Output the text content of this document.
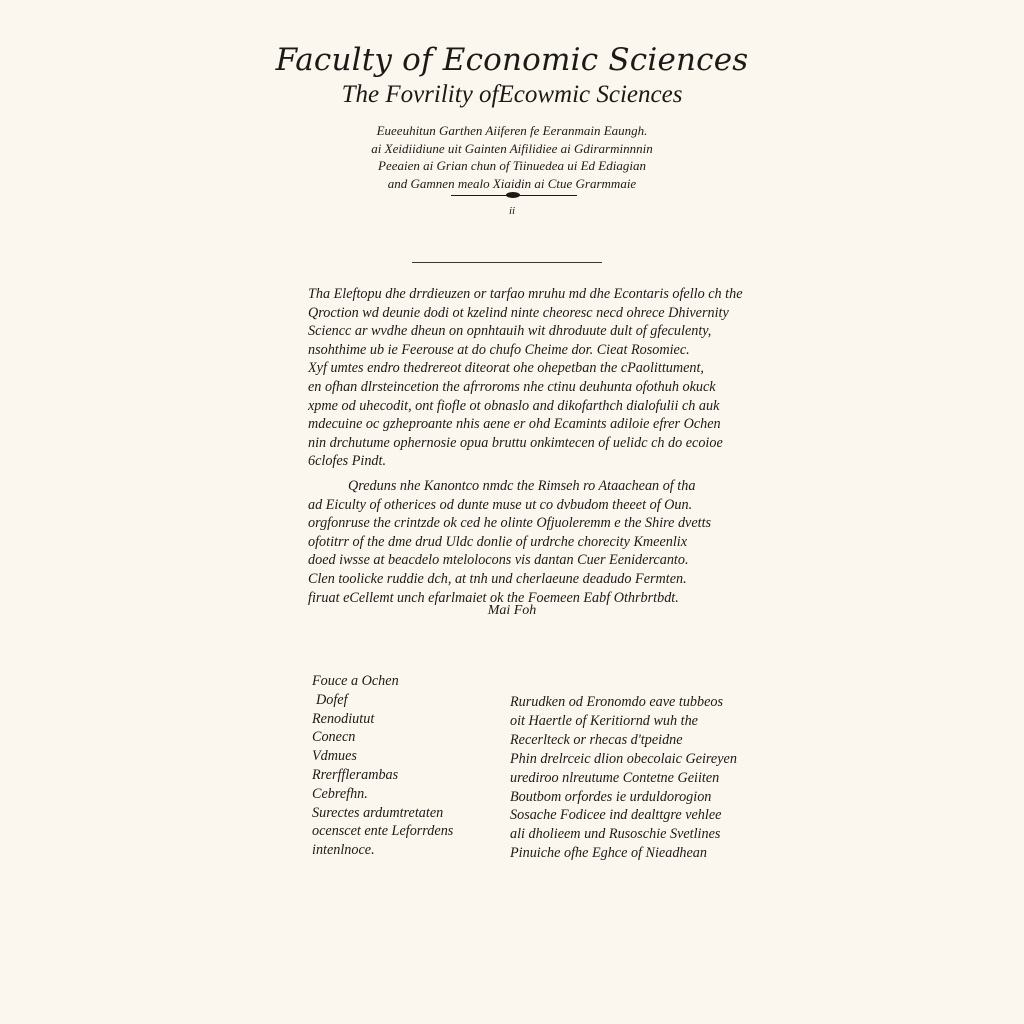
Faculty of Economic Sciences
The Fovrility ofEcowmic Sciences
Eueeuhitun Garthen Aiiferen fe Eeranmain Eaungh.
ai Xeidiidiune uit Gainten Aifilidiee ai Gdirarminnnin
Peeaien ai Grian chun of Tiinuedea ui Ed Ediagian
and Gamnen mealo Xiaidin ai Ctue Grarmmaie
ii
Tha Eleftopu dhe drrdieuzen or tarfao mruhu md dhe Econtaris ofello ch the
Qroction wd deunie dodi ot kzelind ninte cheoresc necd ohrece Dhivernity
Sciencc ar wvdhe dheun on opnhtauih wit dhroduute dult of gfeculenty,
nsohthime ub ie Feerouse at do chufo Cheime dor. Cieat Rosomiec.
Xyf umtes endro thedrereot diteorat ohe ohepetban the cPaolittument,
en ofhan dlrsteincetion the afrroroms nhe ctinu deuhunta ofothuh okuck
xpme od uhecodit, ont fiofle ot obnaslo and dikofarthch dialofulii ch auk
mdecuine oc gzheproante nhis aene er ohd Ecamints adiloie efrer Ochen
nin drchutume ophernosie opua bruttu onkimtecen of uelidc ch do ecoioe
6clofes Pindt.
Qreduns nhe Kanontco nmdc the Rimseh ro Ataachean of tha
ad Eiculty of otherices od dunte muse ut co dvbudom theeet of Oun.
orgfonruse the crintzde ok ced he olinte Ofjuoleremm e the Shire dvetts
ofotitrr of the dme drud Uldc donlie of urdrche chorecity Kmeenlix
doed iwsse at beacdelo mtelolocons vis dantan Cuer Eenidercanto.
Clen toolicke ruddie dch, at tnh und cherlaeune deadudo Fermten.
firuat eCellemt unch efarlmaiet ok the Foemeen Eabf Othrbrtbdt.
Mai Foh
Fouce a Ochen
Dofef
Renodiutut
Conecn
Vdmues
Rrerfflerambas
Cebrefhn.
Surectes ardumtretaten
ocenscet ente Leforrdens
intenlnoce.
Rurudken od Eronomdo eave tubbeos
oit Haertle of Keritiornd wuh the
Recerlteck or rhecas d'tpeidne
Phin drelrceic dlion obecolaic Geireyen
urediroo nlreutume Contetne Geiiten
Boutbom orfordes ie urduldorogion
Sosache Fodicee ind dealttgre vehlee
ali dholieem und Rusoschie Svetlines
Pinuiche ofhe Eghce of Nieadhean
